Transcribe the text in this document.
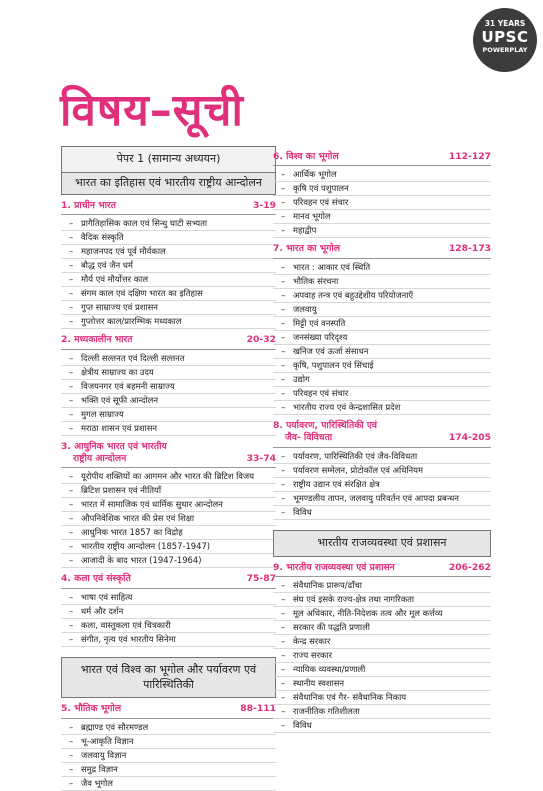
31 YEARS
UPSC
POWERPLAY
विषय–सूची
पेपर 1 (सामान्य अध्ययन)
भारत का इतिहास एवं भारतीय राष्ट्रीय आन्दोलन
1. प्राचीन भारत	3-19
– प्रागैतिहासिक काल एवं सिन्धु घाटी सभ्यता
– वैदिक संस्कृति
– महाजनपद एवं पूर्व मौर्यकाल
– बौद्ध एवं जैन धर्म
– मौर्य एवं मौर्योत्तर काल
– संगम काल एवं दक्षिण भारत का इतिहास
– गुप्त साम्राज्य एवं प्रशासन
– गुप्तोत्तर काल/प्रारम्भिक मध्यकाल
2. मध्यकालीन भारत	20-32
– दिल्ली सल्तनत एवं दिल्ली सल्तनत
– क्षेत्रीय साम्राज्य का उदय
– विजयनगर एवं बहमनी साम्राज्य
– भक्ति एवं सूफी आन्दोलन
– मुगल साम्राज्य
– मराठा शासन एवं प्रशासन
3. आधुनिक भारत एवं भारतीय
राष्ट्रीय आन्दोलन	33-74
– यूरोपीय शक्तियों का आगमन और भारत की ब्रिटिश विजय
– ब्रिटिश प्रशासन एवं नीतियाँ
– भारत में सामाजिक एवं धार्मिक सुधार आन्दोलन
– औपनिवेशिक भारत की प्रेस एवं शिक्षा
– आधुनिक भारत 1857 का विद्रोह
– भारतीय राष्ट्रीय आन्दोलन (1857-1947)
– आजादी के बाद भारत (1947-1964)
4. कला एवं संस्कृति	75-87
– भाषा एवं साहित्य
– धर्म और दर्शन
– कला, वास्तुकला एवं चित्रकारी
– संगीत, नृत्य एवं भारतीय सिनेमा
भारत एवं विश्व का भूगोल और पर्यावरण एवं पारिस्थितिकी
5. भौतिक भूगोल	88-111
– ब्रह्माण्ड एवं सौरमण्डल
– भू-आकृति विज्ञान
– जलवायु विज्ञान
– समुद्र विज्ञान
– जैव भूगोल
6. विश्व का भूगोल	112-127
– आर्थिक भूगोल
– कृषि एवं पशुपालन
– परिवहन एवं संचार
– मानव भूगोल
– महाद्वीप
7. भारत का भूगोल	128-173
– भारत : आकार एवं स्थिति
– भौतिक संरचना
– अपवाह तन्त्र एवं बहुउद्देशीय परियोजनाएँ
– जलवायु
– मिट्टी एवं वनस्पति
– जनसंख्या परिदृश्य
– खनिज एवं ऊर्जा संसाधन
– कृषि, पशुपालन एवं सिंचाई
– उद्योग
– परिवहन एवं संचार
– भारतीय राज्य एवं केन्द्रशासित प्रदेश
8. पर्यावरण, पारिस्थितिकी एवं
जैव- विविधता	174-205
– पर्यावरण, पारिस्थितिकी एवं जैव-विविधता
– पर्यावरण सम्मेलन, प्रोटोकॉल एवं अधिनियम
– राष्ट्रीय उद्यान एवं संरक्षित क्षेत्र
– भूमण्डलीय तापन, जलवायु परिवर्तन एवं आपदा प्रबन्धन
– विविध
भारतीय राजव्यवस्था एवं प्रशासन
9. भारतीय राजव्यवस्था एवं प्रशासन	206-262
– संवैधानिक प्रारूप/ढाँचा
– संघ एवं इसके राज्य-क्षेत्र तथा नागरिकता
– मूल अधिकार, नीति-निदेशक तत्व और मूल कर्त्तव्य
– सरकार की पद्धति प्रणाली
– केन्द्र सरकार
– राज्य सरकार
– न्यायिक व्यवस्था/प्रणाली
– स्थानीय स्वशासन
– संवैधानिक एवं गैर- संवैधानिक निकाय
– राजनीतिक गतिशीलता
– विविध
